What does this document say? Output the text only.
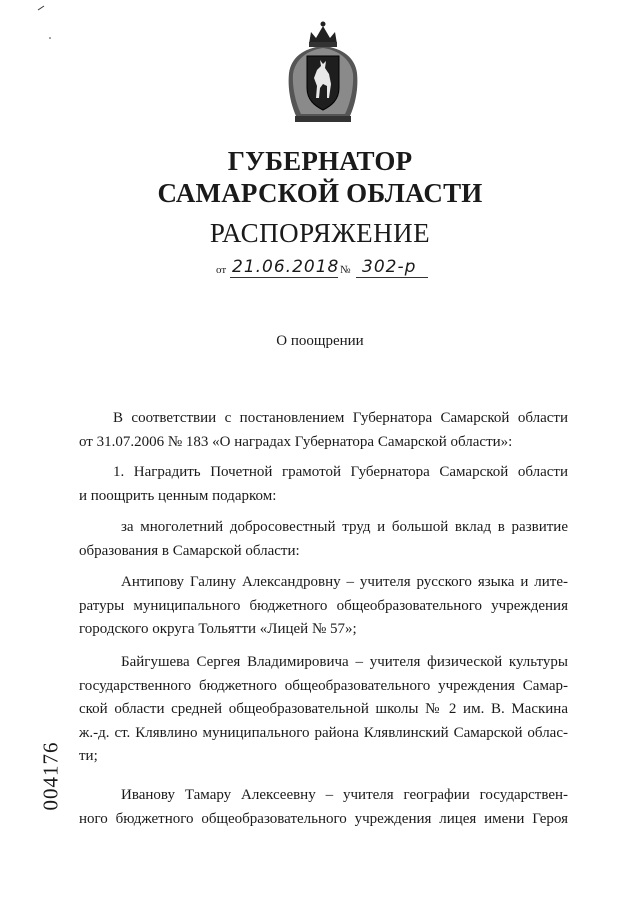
ГУБЕРНАТОР
САМАРСКОЙ ОБЛАСТИ
РАСПОРЯЖЕНИЕ
от 21.06.2018 № 302-р
О поощрении
В соответствии с постановлением Губернатора Самарской области
от 31.07.2006 № 183 «О наградах Губернатора Самарской области»:
1. Наградить Почетной грамотой Губернатора Самарской области
и поощрить ценным подарком:
за многолетний добросовестный труд и большой вклад в развитие
образования в Самарской области:
Антипову Галину Александровну – учителя русского языка и лите-
ратуры муниципального бюджетного общеобразовательного учреждения
городского округа Тольятти «Лицей № 57»;
Байгушева Сергея Владимировича – учителя физической культуры
государственного бюджетного общеобразовательного учреждения Самар-
ской области средней общеобразовательной школы № 2 им. В. Маскина
ж.-д. ст. Клявлино муниципального района Клявлинский Самарской облас-
ти;
Иванову Тамару Алексеевну – учителя географии государствен-
ного бюджетного общеобразовательного учреждения лицея имени Героя
004176
